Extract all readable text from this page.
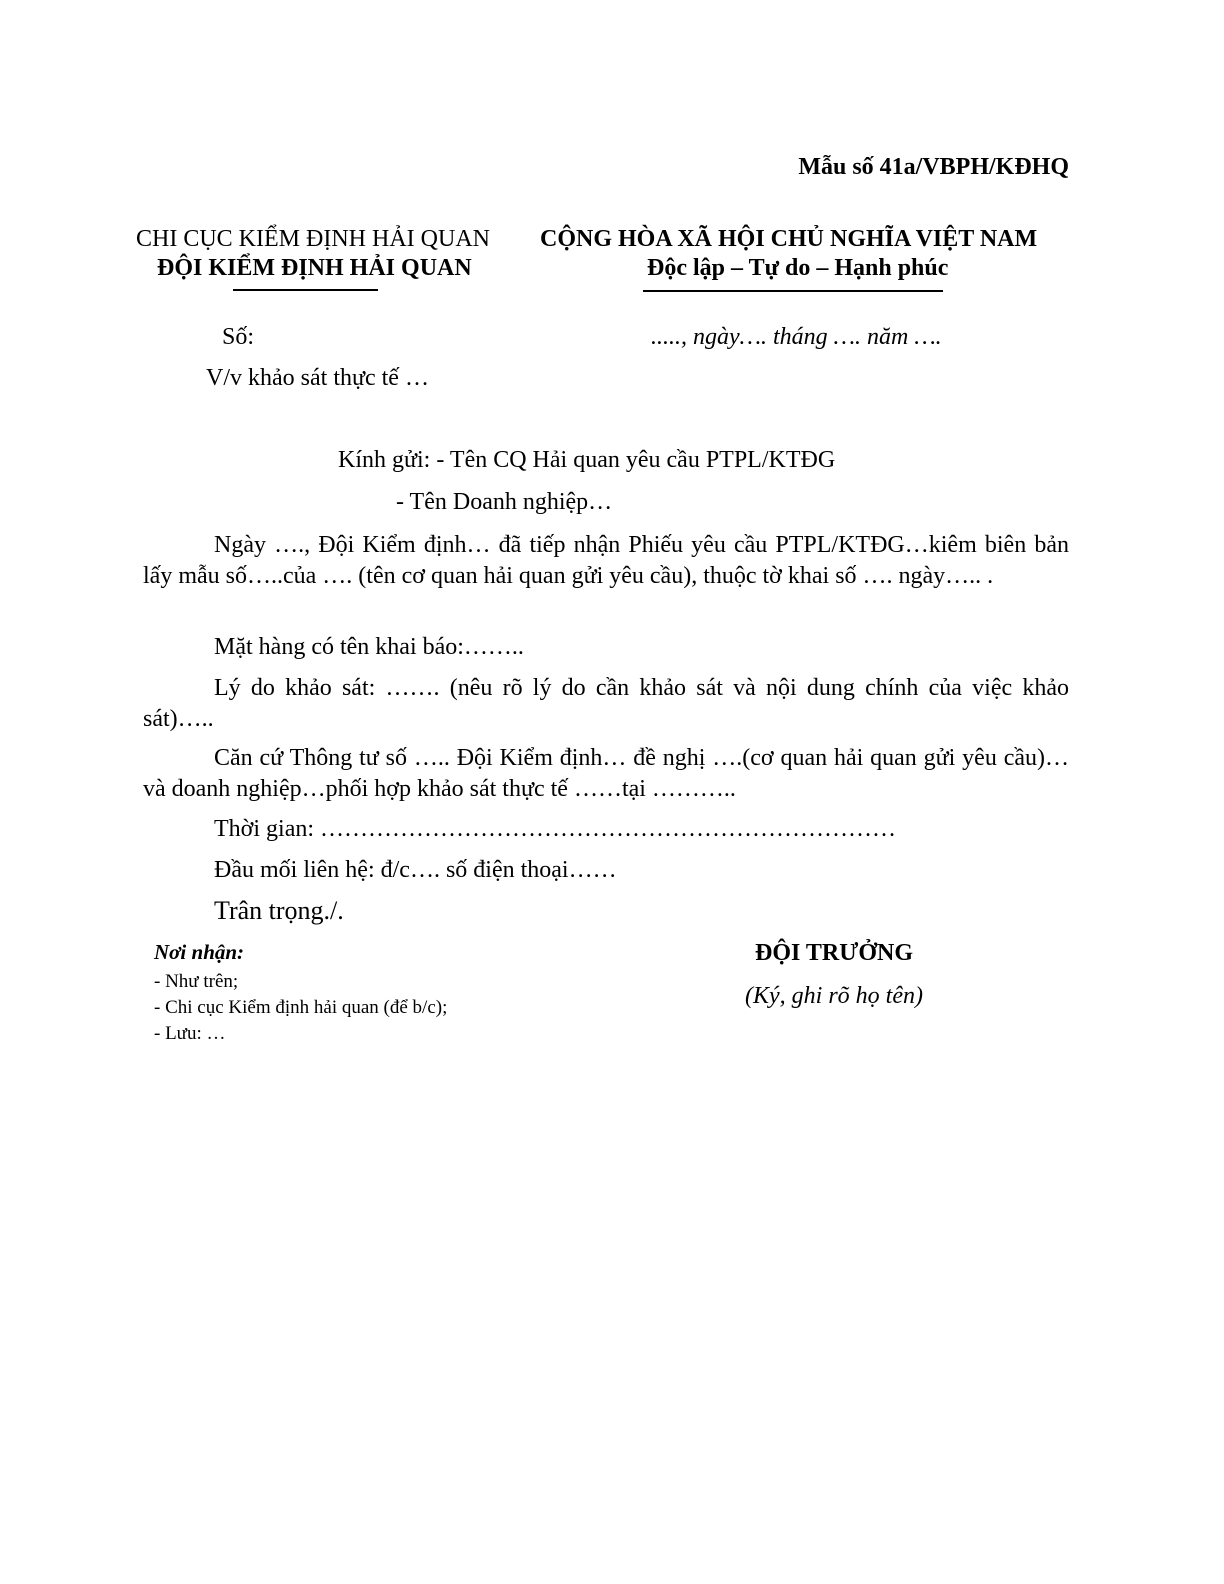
Mẫu số 41a/VBPH/KĐHQ
CHI CỤC KIỂM ĐỊNH HẢI QUAN
ĐỘI KIỂM ĐỊNH HẢI QUAN
CỘNG HÒA XÃ HỘI CHỦ NGHĨA VIỆT NAM
Độc lập – Tự do – Hạnh phúc
Số:	....., ngày…. tháng …. năm ….
V/v khảo sát thực tế …
Kính gửi: - Tên CQ Hải quan yêu cầu PTPL/KTĐG
- Tên Doanh nghiệp…
Ngày …., Đội Kiểm định… đã tiếp nhận Phiếu yêu cầu PTPL/KTĐG…kiêm biên bản lấy mẫu số…..của …. (tên cơ quan hải quan gửi yêu cầu), thuộc tờ khai số …. ngày….. .
Mặt hàng có tên khai báo:……..
Lý do khảo sát: ……. (nêu rõ lý do cần khảo sát và nội dung chính của việc khảo sát)…..
Căn cứ Thông tư số ….. Đội Kiểm định… đề nghị ….(cơ quan hải quan gửi yêu cầu)… và doanh nghiệp…phối hợp khảo sát thực tế ……tại ………..
Thời gian: ………………………………………………………………
Đầu mối liên hệ: đ/c…. số điện thoại……
Trân trọng./.
Nơi nhận:
- Như trên;
- Chi cục Kiểm định hải quan (để b/c);
- Lưu: …
ĐỘI TRƯỞNG
(Ký, ghi rõ họ tên)
